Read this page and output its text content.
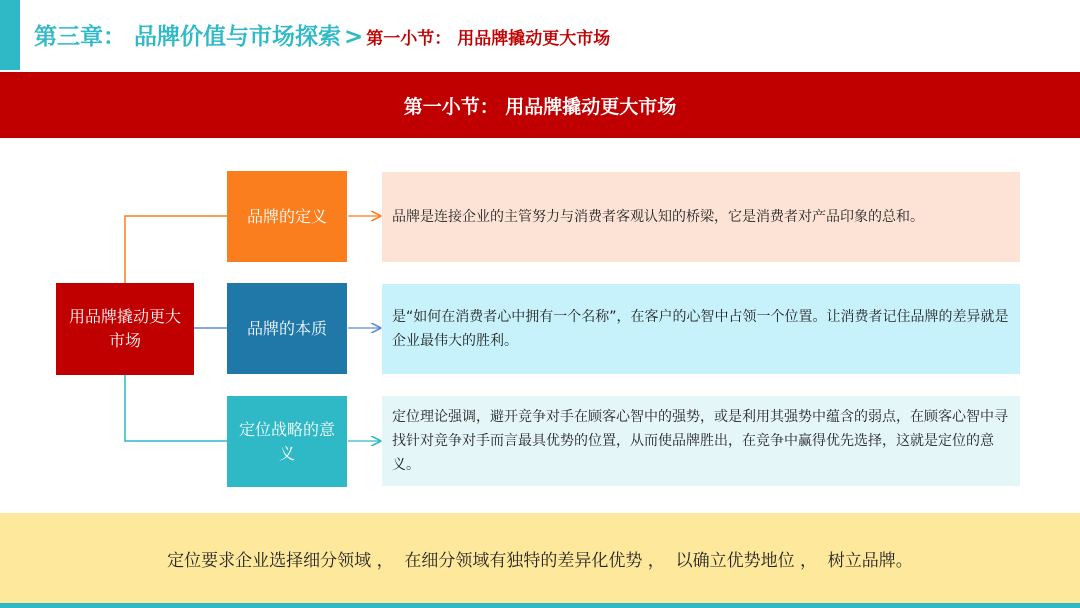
第三章： 品牌价值与市场探索 > 第一小节： 用品牌撬动更大市场
第一小节： 用品牌撬动更大市场
用品牌撬动更大市场
品牌的定义
品牌的本质
定位战略的意义
品牌是连接企业的主管努力与消费者客观认知的桥梁，它是消费者对产品印象的总和。
是“如何在消费者心中拥有一个名称”，在客户的心智中占领一个位置。让消费者记住品牌的差异就是企业最伟大的胜利。
定位理论强调，避开竞争对手在顾客心智中的强势，或是利用其强势中蕴含的弱点，在顾客心智中寻找针对竞争对手而言最具优势的位置，从而使品牌胜出，在竞争中赢得优先选择，这就是定位的意义。
定位要求企业选择细分领域 ，  在细分领域有独特的差异化优势 ，  以确立优势地位 ，  树立品牌。
